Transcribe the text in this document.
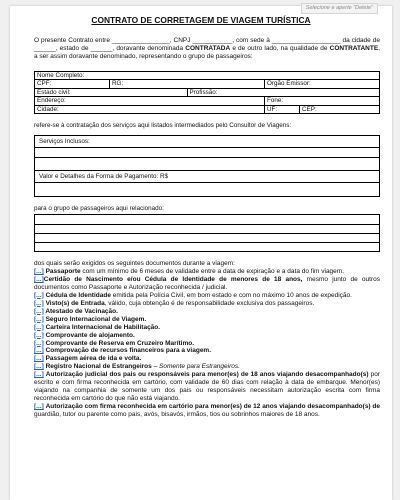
Selecione e aperte "Delete"
CONTRATO DE CORRETAGEM DE VIAGEM TURÍSTICA
O presente Contrato entre ________________, CNPJ ___________, com sede à ___________________ da cidade de ______, estado de ______, doravante denominada CONTRATADA e de outro lado, na qualidade de CONTRATANTE, a ser assim doravante denominado, representando o grupo de passageiros:
Nome Completo:				
CPF:	RG:		Orgão Emissor:	
Estado civil:		Profissão:		
Endereço:			Fone:	
Cidade:			UF:	CEP:
refere-se à contratação dos serviços aqui listados intermediados pelo Consultor de Viagens:
Serviços Inclusos:
Valor e Detalhes da Forma de Pagamento: R$
para o grupo de passageiros aqui relacionado:
dos quais serão exigidos os seguintes documentos durante a viagem:
[...] Passaporte com um mínimo de 6 meses de validade entre a data de expiração e a data do fim viagem.
[...]Certidão de Nascimento e/ou Cédula de Identidade de menores de 18 anos, mesmo junto de outros documentos como Passaporte e Autorização reconhecida / judicial.
[...] Cédula de Identidade emitida pela Polícia Civil, em bom estado e com no máximo 10 anos de expedição.
[...] Visto(s) de Entrada, válido, cuja obtenção é de responsabilidade exclusiva dos passageiros.
[...] Atestado de Vacinação.
[...] Seguro Internacional de Viagem.
[...] Carteira Internacional de Habilitação.
[...] Comprovante de alojamento.
[...] Comprovante de Reserva em Cruzeiro Marítimo.
[...] Comprovação de recursos financeiros para a viagem.
[...] Passagem aérea de ida e volta.
[...] Registro Nacional de Estrangeiros – Somente para Estrangeiros.
[...] Autorização judicial dos pais ou responsáveis para menor(es) de 18 anos viajando desacompanhado(s) por escrito e com firma reconhecida em cartório, com validade de 60 dias com relação à data de embarque. Menor(es) viajando na companhia de somente um dos pais ou responsáveis necessitam autorização escrita com firma reconhecida em cartório do que não está viajando.
[...] Autorização com firma reconhecida em cartório para menor(es) de 12 anos viajando desacompanhado(s) de guardião, tutor ou parente como pais, avós, bisavós, irmãos, tios ou sobrinhos maiores de 18 anos.
